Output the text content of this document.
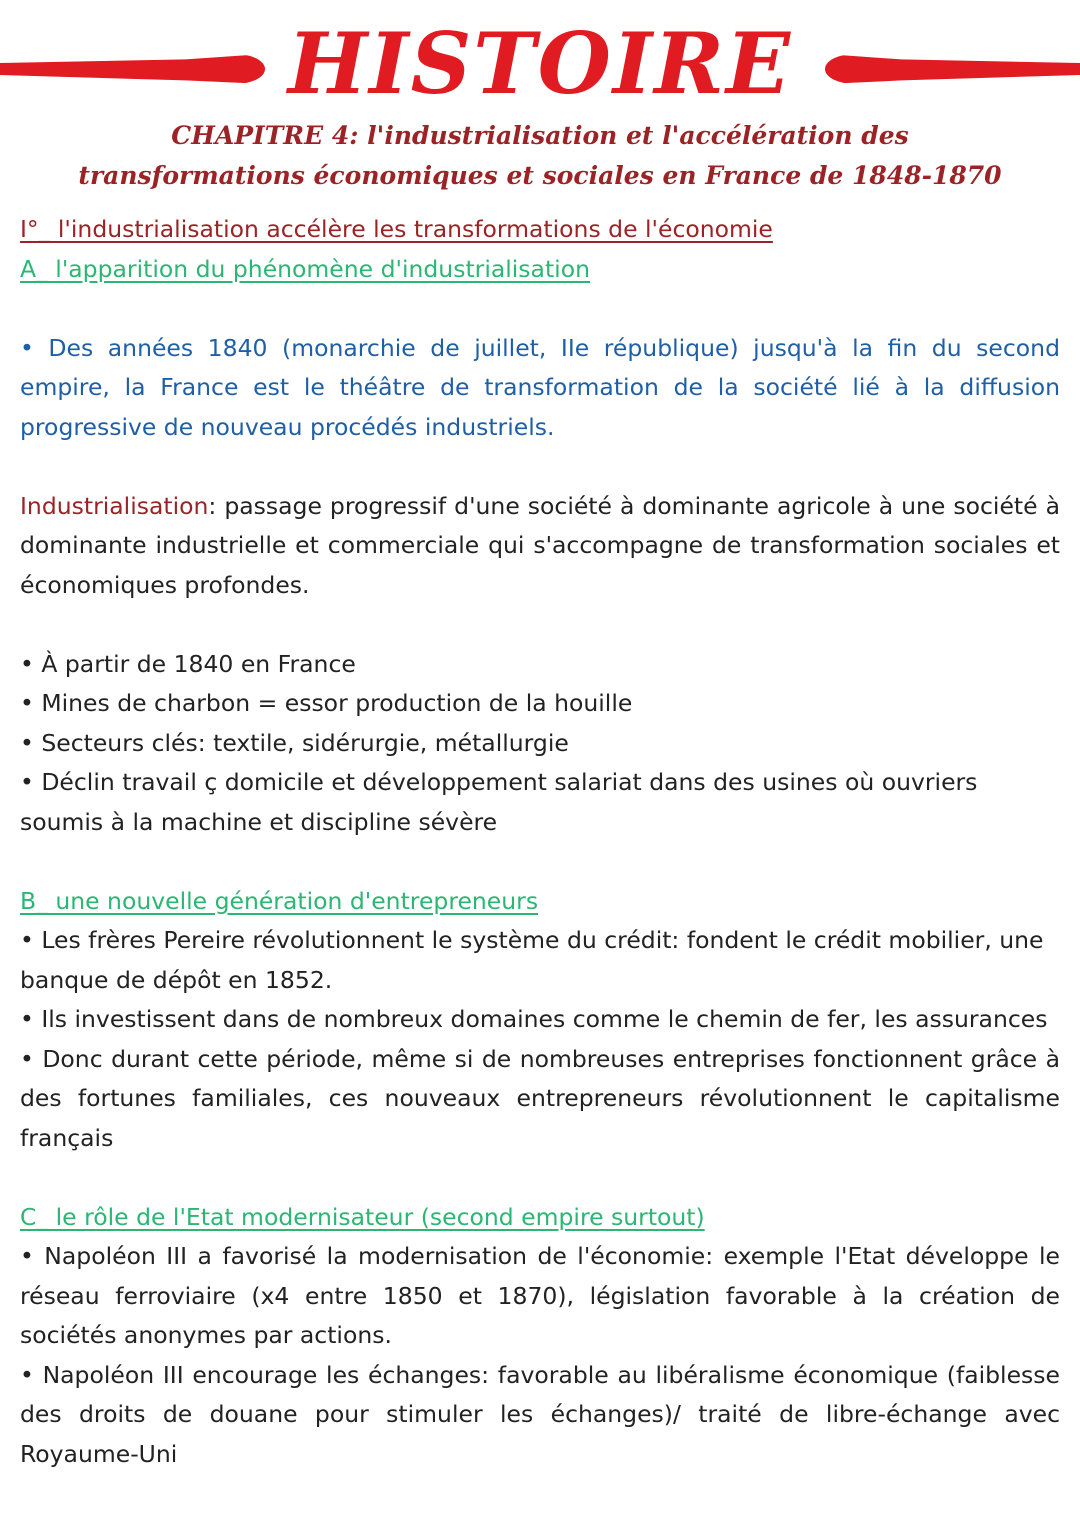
HISTOIRE
CHAPITRE 4: l'industrialisation et l'accélération des
transformations économiques et sociales en France de 1848-1870

I°_ l'industrialisation accélère les transformations de l'économie

A_ l'apparition du phénomène d'industrialisation

• Des années 1840 (monarchie de juillet, IIe république) jusqu'à la fin du second empire, la France est le théâtre de transformation de la société lié à la diffusion progressive de nouveau procédés industriels.

Industrialisation: passage progressif d'une société à dominante agricole à une société à dominante industrielle et commerciale qui s'accompagne de transformation sociales et économiques profondes.

• À partir de 1840 en France

• Mines de charbon = essor production de la houille

• Secteurs clés: textile, sidérurgie, métallurgie

• Déclin travail ç domicile et développement salariat dans des usines où ouvriers soumis à la machine et discipline sévère

B_ une nouvelle génération d'entrepreneurs

• Les frères Pereire révolutionnent le système du crédit: fondent le crédit mobilier, une banque de dépôt en 1852.

• Ils investissent dans de nombreux domaines comme le chemin de fer, les assurances

• Donc durant cette période, même si de nombreuses entreprises fonctionnent grâce à des fortunes familiales, ces nouveaux entrepreneurs révolutionnent le capitalisme français

C_ le rôle de l'Etat modernisateur (second empire surtout)

• Napoléon III a favorisé la modernisation de l'économie: exemple l'Etat développe le réseau ferroviaire (x4 entre 1850 et 1870), législation favorable à la création de sociétés anonymes par actions.

• Napoléon III encourage les échanges: favorable au libéralisme économique (faiblesse des droits de douane pour stimuler les échanges)/ traité de libre-échange avec Royaume-Uni
